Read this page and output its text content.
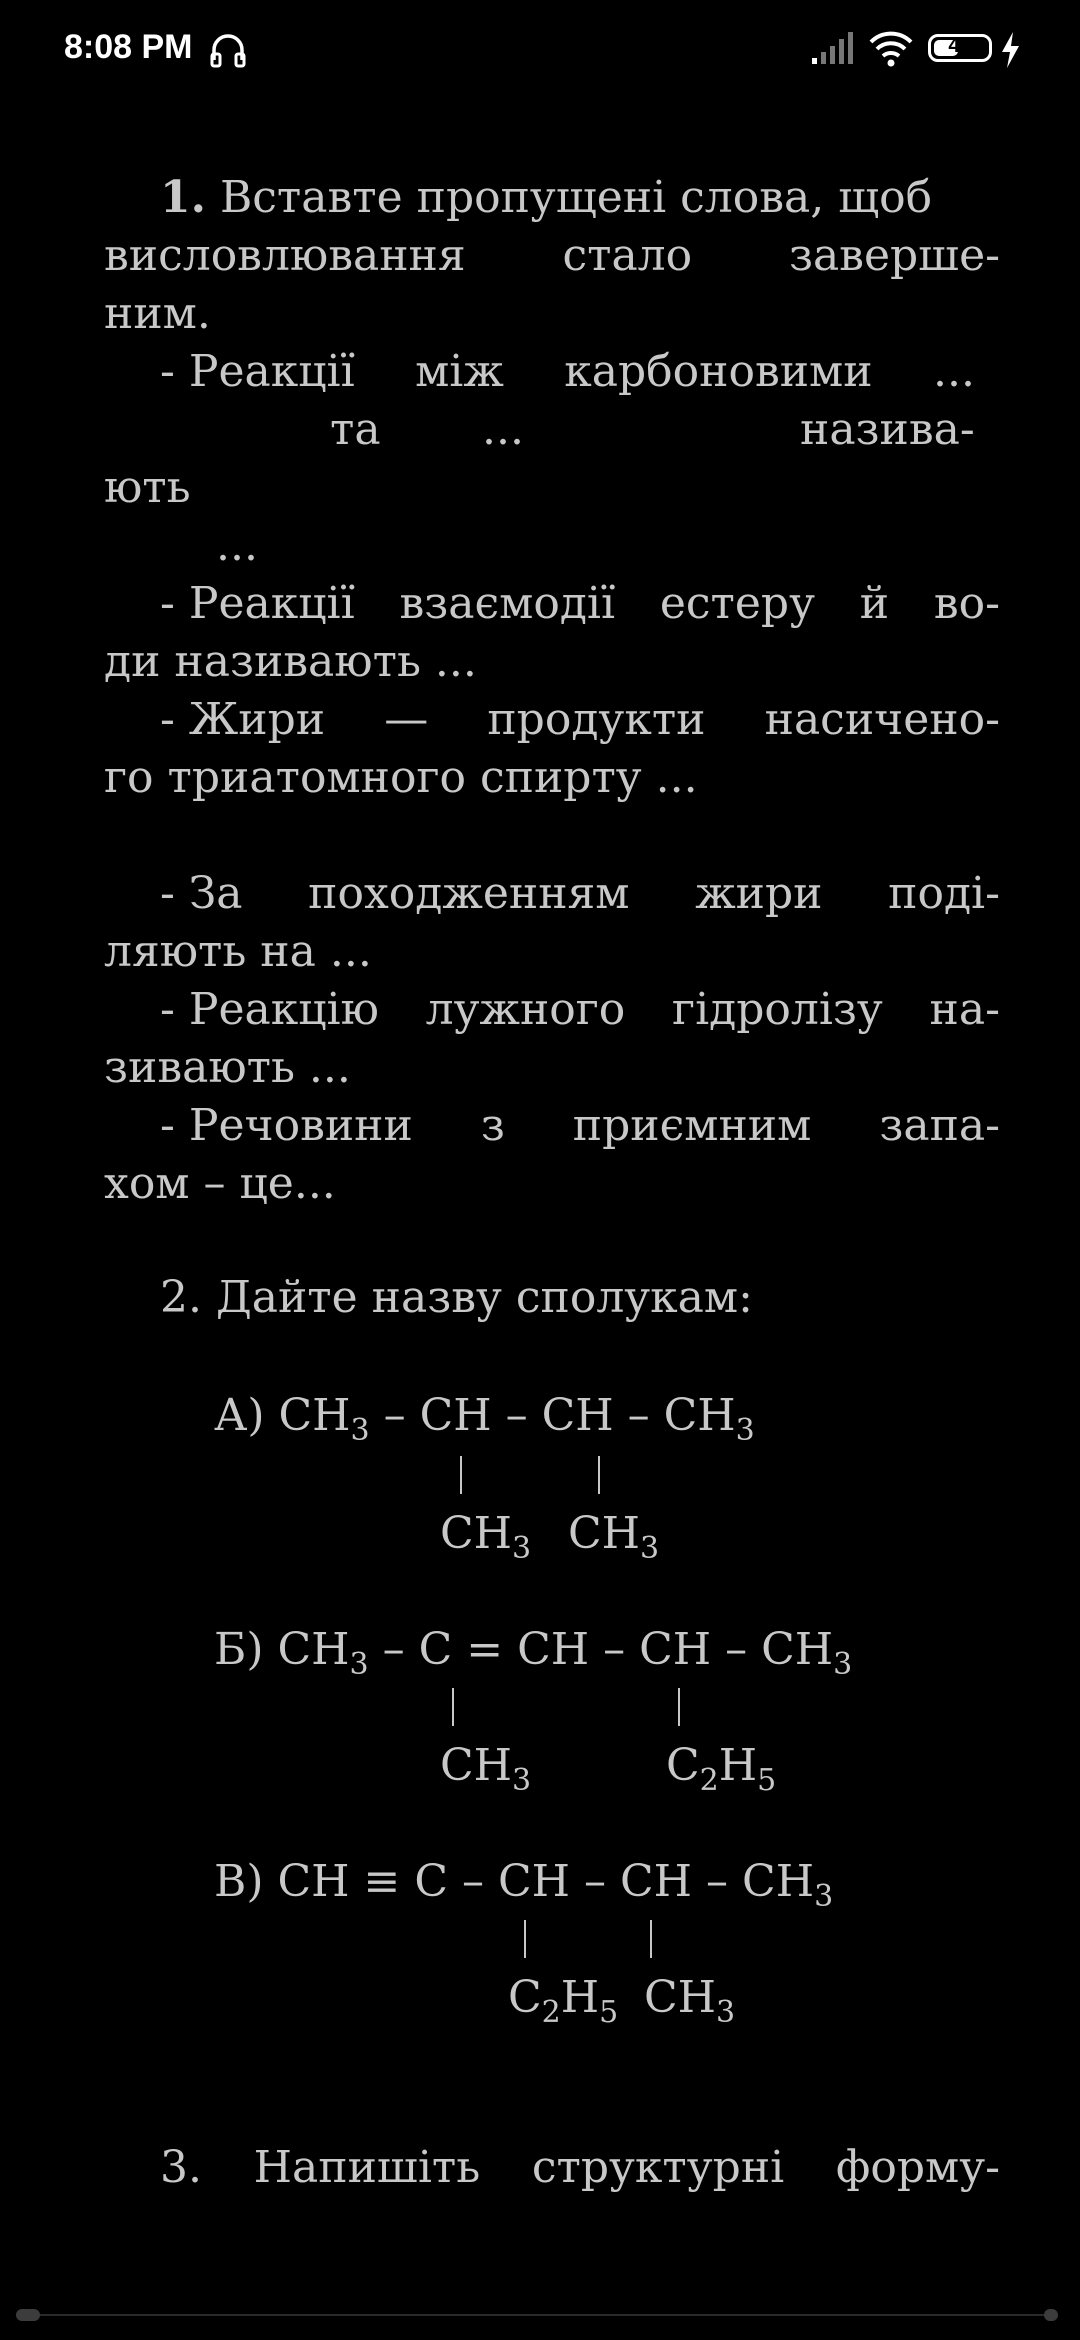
8:08 PM	47
1. Вставте пропущені слова, щоб
висловлювання стало заверше-
ним.
- Реакції між карбоновими ...
та ...	назива-
ють
...
- Реакції взаємодії естеру й во-
ди називають ...
- Жири — продукти насичено-
го триатомного спирту ...
- За походженням жири поді-
ляють на ...
- Реакцію лужного гідролізу на-
зивають ...
- Речовини з приємним запа-
хом – це...
2. Дайте назву сполукам:
А) $CH_3$ – CH – CH – $CH_3$
$CH_3$ $CH_3$
Б) $CH_3$ – C = CH – CH – $CH_3$
$CH_3$	$C_2H_5$
В) CH ≡ C – CH – CH – $CH_3$
$C_2H_5$ $CH_3$
3. Напишіть структурні форму-
